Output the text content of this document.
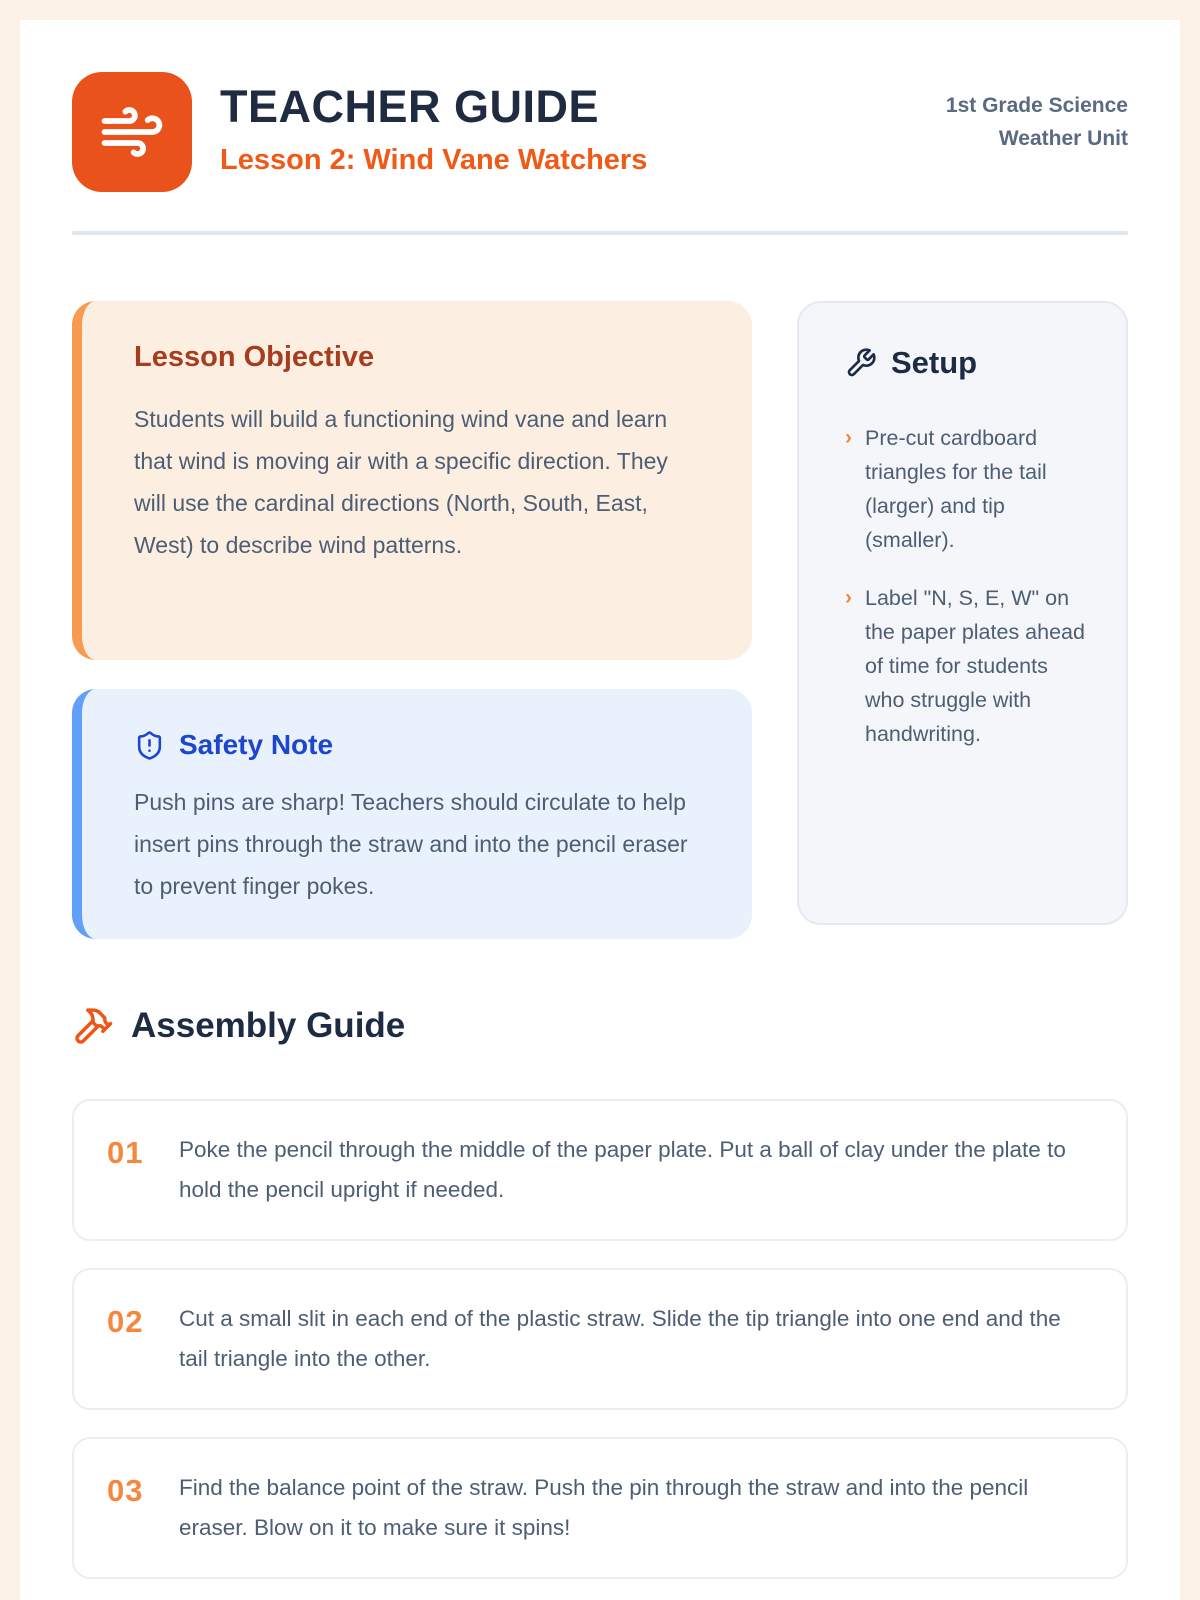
TEACHER GUIDE
Lesson 2: Wind Vane Watchers
1st Grade Science
Weather Unit
Lesson Objective

Students will build a functioning wind vane and learn that wind is moving air with a specific direction. They will use the cardinal directions (North, South, East, West) to describe wind patterns.

Safety Note

Push pins are sharp! Teachers should circulate to help insert pins through the straw and into the pencil eraser to prevent finger pokes.

Setup
› Pre-cut cardboard triangles for the tail (larger) and tip (smaller).
› Label "N, S, E, W" on the paper plates ahead of time for students who struggle with handwriting.
Assembly Guide
01	Poke the pencil through the middle of the paper plate. Put a ball of clay under the plate to hold the pencil upright if needed.
02	Cut a small slit in each end of the plastic straw. Slide the tip triangle into one end and the tail triangle into the other.
03	Find the balance point of the straw. Push the pin through the straw and into the pencil eraser. Blow on it to make sure it spins!
